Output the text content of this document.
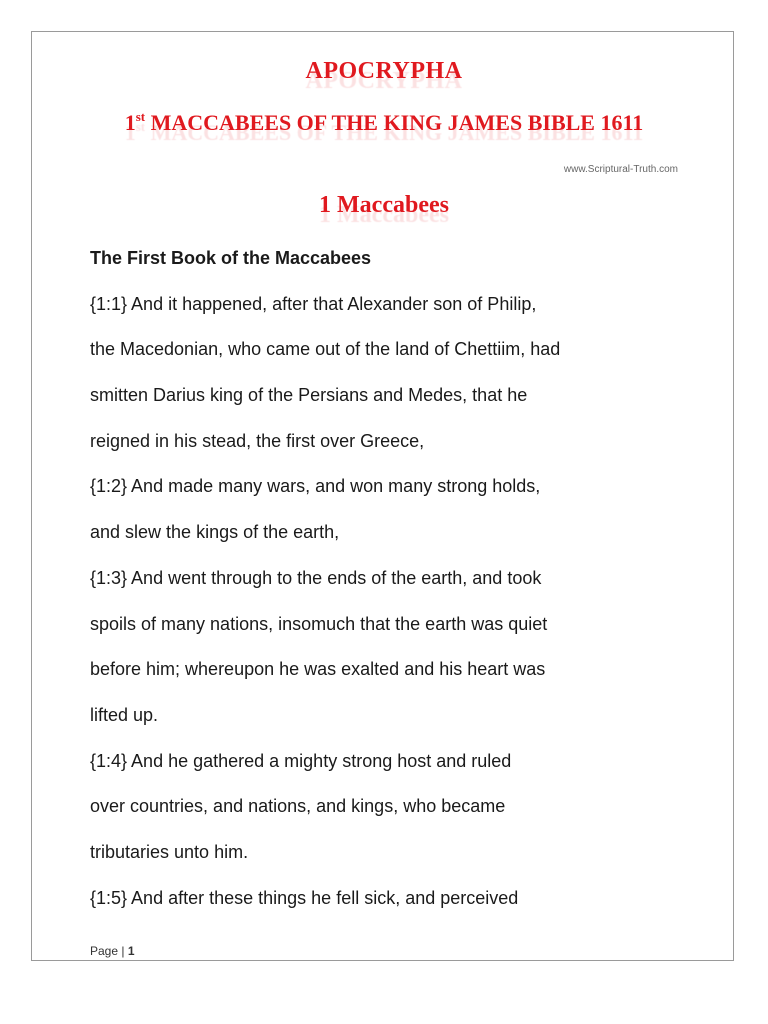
APOCRYPHA
1st MACCABEES OF THE KING JAMES BIBLE 1611
www.Scriptural-Truth.com
1 Maccabees
The First Book of the Maccabees
{1:1} And it happened, after that Alexander son of Philip,
the Macedonian, who came out of the land of Chettiim, had
smitten Darius king of the Persians and Medes, that he
reigned in his stead, the first over Greece,
{1:2} And made many wars, and won many strong holds,
and slew the kings of the earth,
{1:3} And went through to the ends of the earth, and took
spoils of many nations, insomuch that the earth was quiet
before him; whereupon he was exalted and his heart was
lifted up.
{1:4} And he gathered a mighty strong host and ruled
over countries, and nations, and kings, who became
tributaries unto him.
{1:5} And after these things he fell sick, and perceived
Page | 1
